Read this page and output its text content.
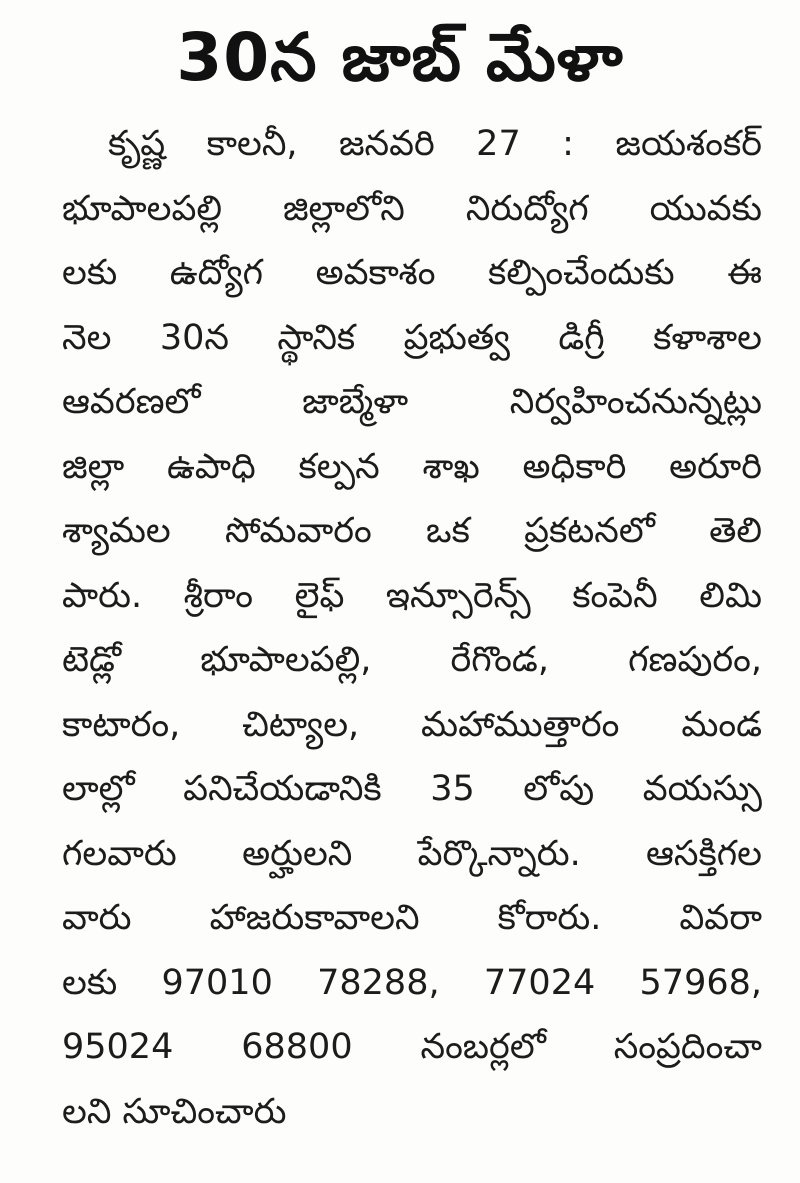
30న జాబ్ మేళా
కృష్ణ కాలనీ, జనవరి 27 : జయశంకర్
భూపాలపల్లి జిల్లాలోని నిరుద్యోగ యువకు
లకు ఉద్యోగ అవకాశం కల్పించేందుకు ఈ
నెల 30న స్థానిక ప్రభుత్వ డిగ్రీ కళాశాల
ఆవరణలో జాబ్మేళా నిర్వహించనున్నట్లు
జిల్లా ఉపాధి కల్పన శాఖ అధికారి అరూరి
శ్యామల సోమవారం ఒక ప్రకటనలో తెలి
పారు. శ్రీరాం లైఫ్ ఇన్సూరెన్స్ కంపెనీ లిమి
టెడ్లో భూపాలపల్లి, రేగొండ, గణపురం,
కాటారం, చిట్యాల, మహాముత్తారం మండ
లాల్లో పనిచేయడానికి 35 లోపు వయస్సు
గలవారు అర్హులని పేర్కొన్నారు. ఆసక్తిగల
వారు హాజరుకావాలని కోరారు. వివరా
లకు 97010 78288, 77024 57968,
95024 68800 నంబర్లలో సంప్రదించా
లని సూచించారు
